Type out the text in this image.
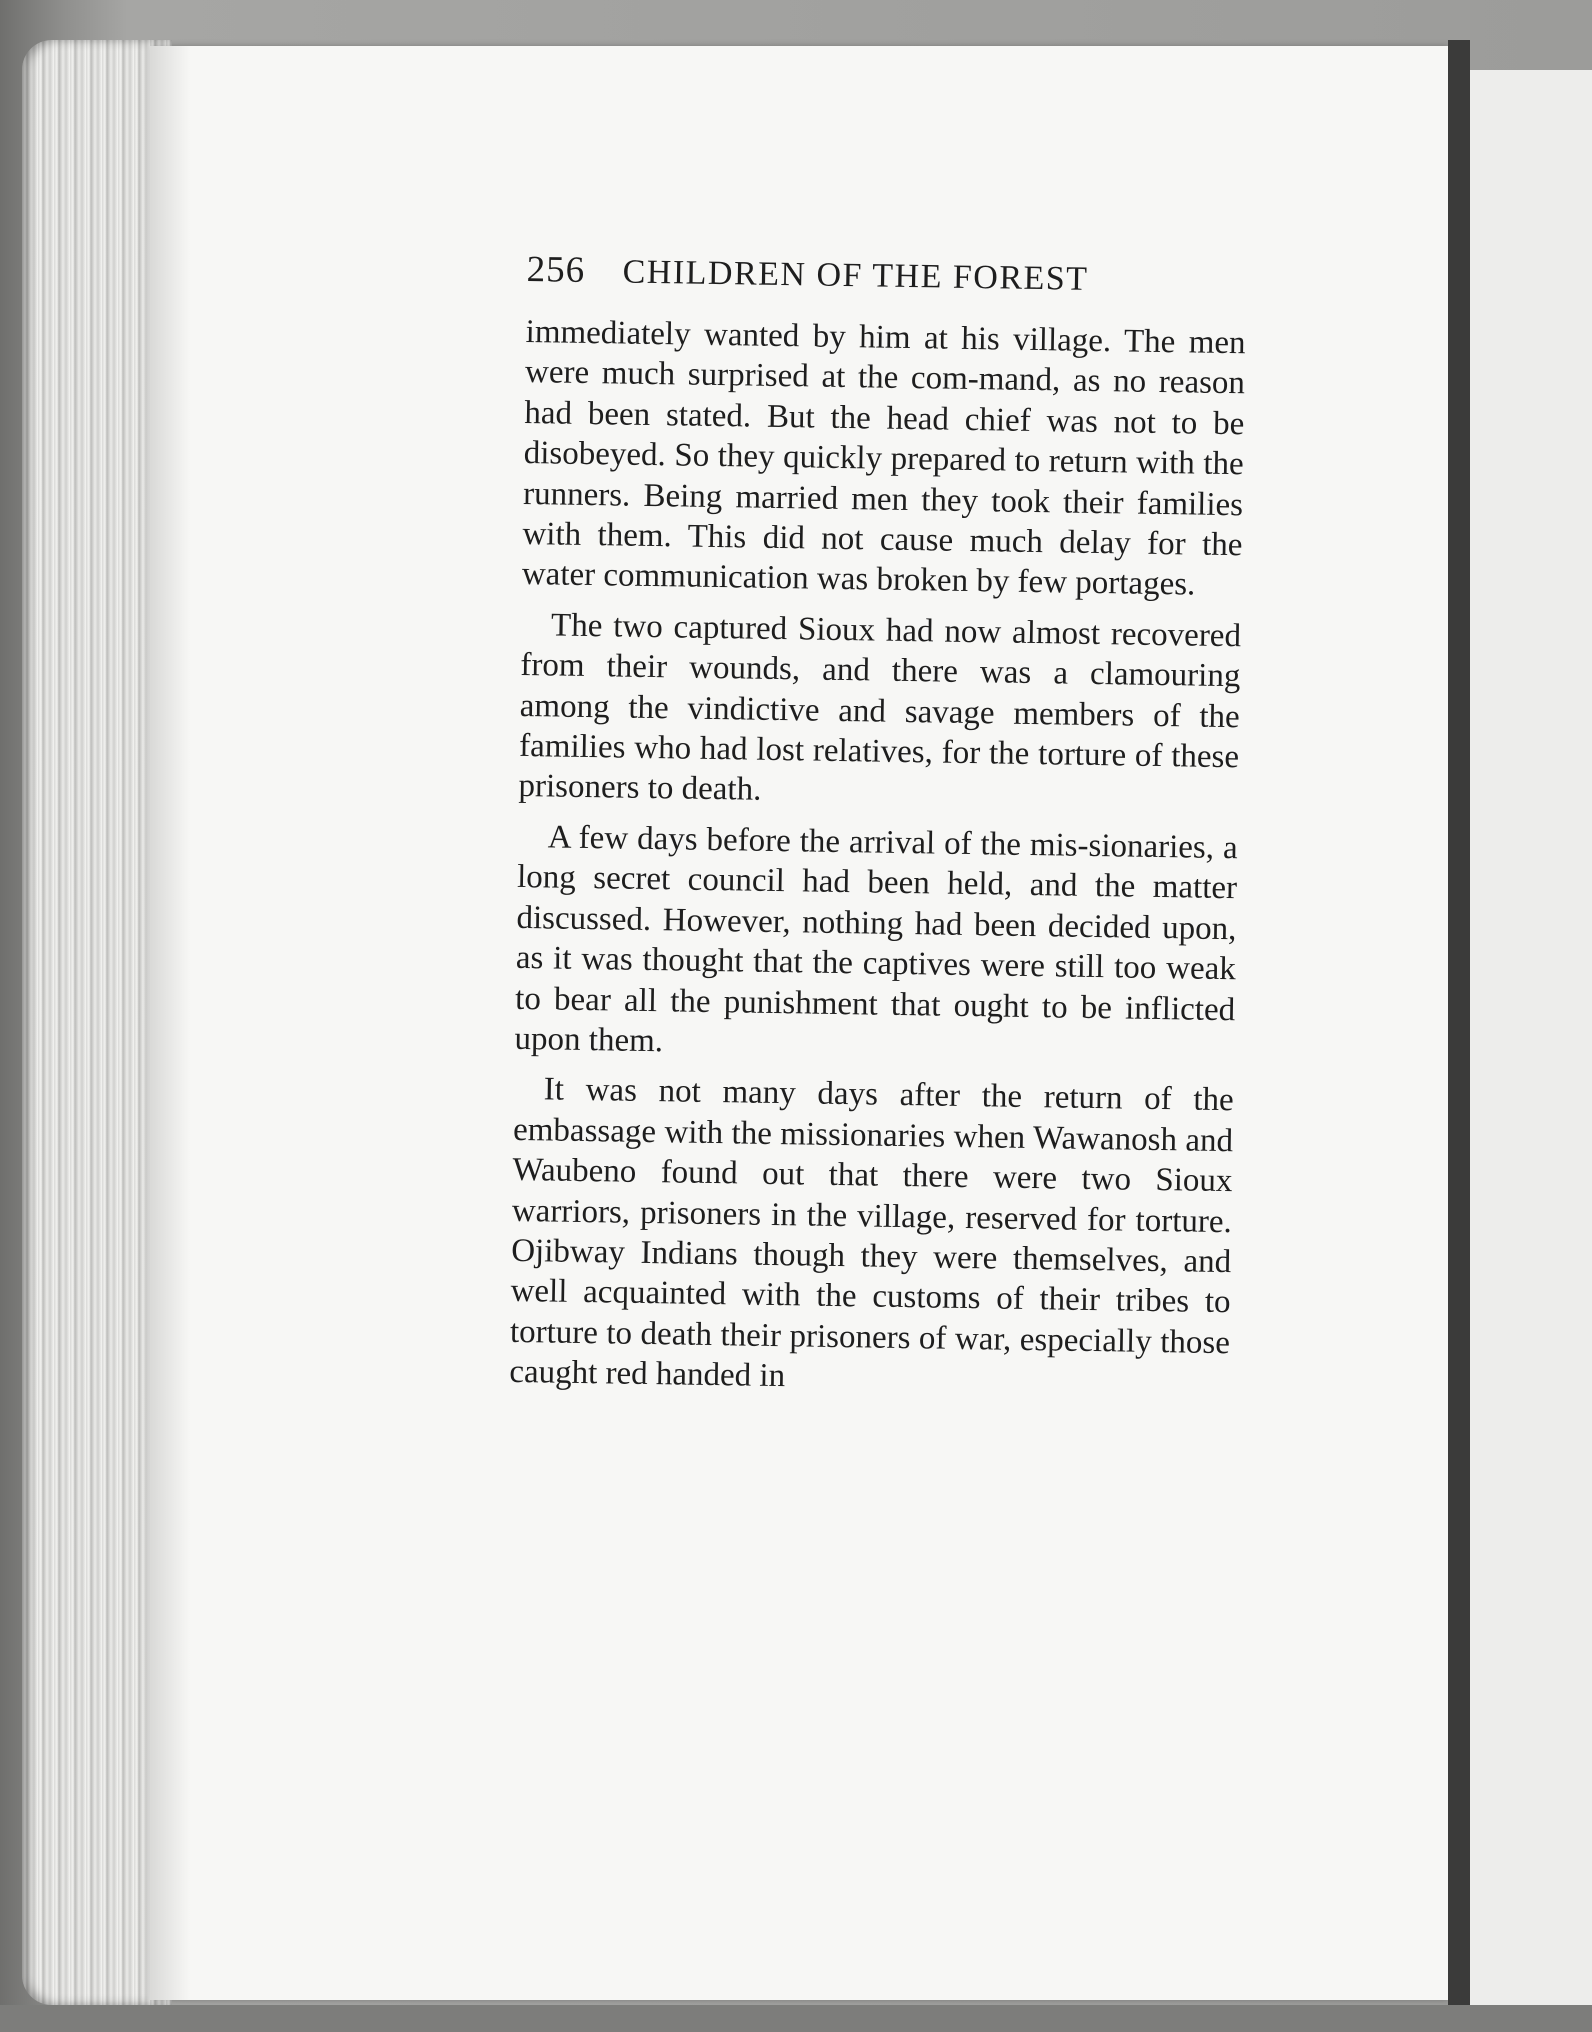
256	CHILDREN OF THE FOREST

immediately wanted by him at his village. The men were much surprised at the com-mand, as no reason had been stated. But the head chief was not to be disobeyed. So they quickly prepared to return with the runners. Being married men they took their families with them. This did not cause much delay for the water communication was broken by few portages.

The two captured Sioux had now almost recovered from their wounds, and there was a clamouring among the vindictive and savage members of the families who had lost relatives, for the torture of these prisoners to death.

A few days before the arrival of the mis-sionaries, a long secret council had been held, and the matter discussed. However, nothing had been decided upon, as it was thought that the captives were still too weak to bear all the punishment that ought to be inflicted upon them.

It was not many days after the return of the embassage with the missionaries when Wawanosh and Waubeno found out that there were two Sioux warriors, prisoners in the village, reserved for torture. Ojibway Indians though they were themselves, and well acquainted with the customs of their tribes to torture to death their prisoners of war, especially those caught red handed in
